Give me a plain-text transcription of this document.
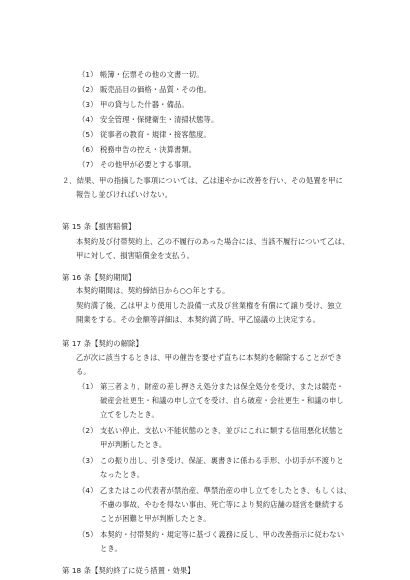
（1） 帳簿・伝票その他の文書一切。
（2） 販売品目の価格・品質・その他。
（3） 甲の貸与した什器・備品。
（4） 安全管理・保健衛生・清掃状態等。
（5） 従事者の教育・規律・接客態度。
（6） 税務申告の控え・決算書類。
（7） その他甲が必要とする事項。
２．結果、甲の指摘した事項については、乙は速やかに改善を行い、その処置を甲に
報告し並びければいけない。
第 15 条【損害賠償】
本契約及び付帯契約上、乙の不履行のあった場合には、当該不履行について乙は、
甲に対して、損害賠償金を支払う。
第 16 条【契約期間】
本契約期間は、契約締結日から○○年とする。
契約満了後、乙は甲より使用した設備一式及び営業権を有償にて譲り受け、独立
開業をする。その金額等詳細は、本契約満了時、甲乙協議の上決定する。
第 17 条【契約の解除】
乙が次に該当するときは、甲の催告を要せず直ちに本契約を解除することができ
る。
（1） 第三者より、財産の差し押さえ処分または保全処分を受け、または競売・
破産会社更生・和議の申し立てを受け、自ら破産・会社更生・和議の申し
立てをしたとき。
（2） 支払い停止、支払い不能状態のとき、並びにこれに類する信用悪化状態と
甲が判断したとき。
（3） この振り出し、引き受け、保証、裏書きに係わる手形、小切手が不渡りと
なったとき。
（4） 乙またはこの代表者が禁治産、準禁治産の申し立てをしたとき、もしくは、
不慮の事故、やむを得ない事由、死亡等により契約店舗の経営を継続する
ことが困難と甲が判断したとき。
（5） 本契約・付帯契約・規定等に基づく義務に反し、甲の改善指示に従わない
とき。
第 18 条【契約終了に従う措置・効果】
